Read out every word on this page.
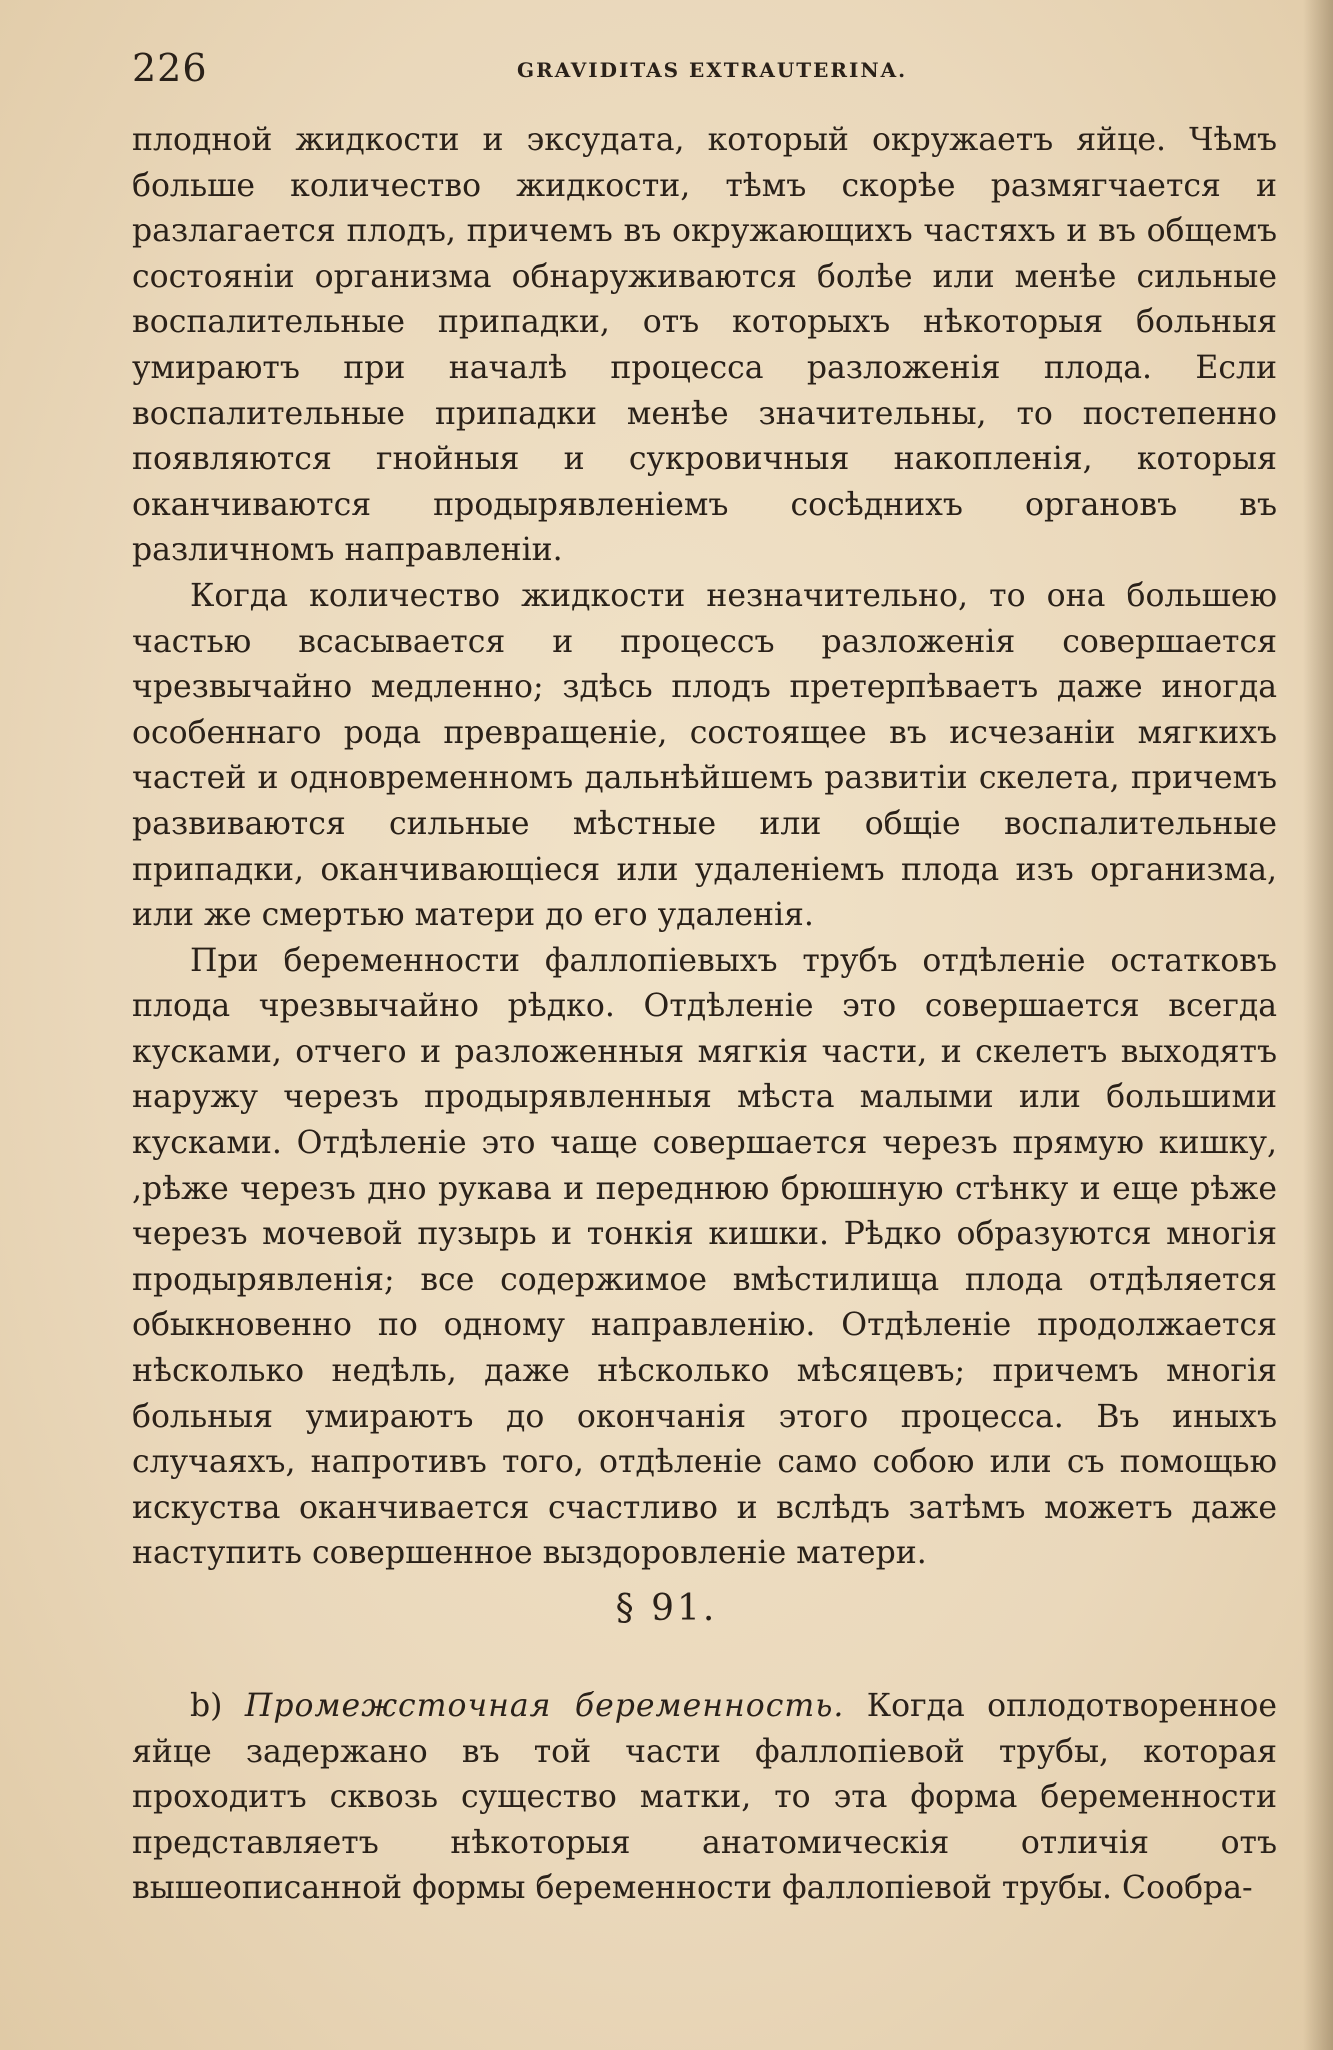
226	GRAVIDITAS EXTRAUTERINA.

плодной жидкости и эксудата, который окружаетъ яйце. Чѣмъ больше количество жидкости, тѣмъ скорѣе размягчается и разлагается плодъ, причемъ въ окружающихъ частяхъ и въ общемъ состоянiи организма обнаруживаются болѣе или менѣе сильные воспалительные припадки, отъ которыхъ нѣкоторыя больныя умираютъ при началѣ процесса разложенiя плода. Если воспалительные припадки менѣе значительны, то постепенно появляются гнойныя и сукровичныя накопленiя, которыя оканчиваются продырявленiемъ сосѣднихъ органовъ въ различномъ направленiи.

Когда количество жидкости незначительно, то она большею частью всасывается и процессъ разложенiя совершается чрезвычайно медленно; здѣсь плодъ претерпѣваетъ даже иногда особеннаго рода превращенiе, состоящее въ исчезанiи мягкихъ частей и одновременномъ дальнѣйшемъ развитiи скелета, причемъ развиваются сильные мѣстные или общiе воспалительные припадки, оканчивающiеся или удаленiемъ плода изъ организма, или же смертью матери до его удаленiя.

При беременности фаллопiевыхъ трубъ отдѣленiе остатковъ плода чрезвычайно рѣдко. Отдѣленiе это совершается всегда кусками, отчего и разложенныя мягкiя части, и скелетъ выходятъ наружу черезъ продырявленныя мѣста малыми или большими кусками. Отдѣленiе это чаще совершается черезъ прямую кишку, ,рѣже черезъ дно рукава и переднюю брюшную стѣнку и еще рѣже черезъ мочевой пузырь и тонкiя кишки. Рѣдко образуются многiя продырявленiя; все содержимое вмѣстилища плода отдѣляется обыкновенно по одному направленiю. Отдѣленiе продолжается нѣсколько недѣль, даже нѣсколько мѣсяцевъ; причемъ многiя больныя умираютъ до окончанiя этого процесса. Въ иныхъ случаяхъ, напротивъ того, отдѣленiе само собою или съ помощью искуства оканчивается счастливо и вслѣдъ затѣмъ можетъ даже наступить совершенное выздоровленiе матери.

§ 91.

b) Промежсточная беременность. Когда оплодотворенное яйце задержано въ той части фаллопiевой трубы, которая проходитъ сквозь существо матки, то эта форма беременности представляетъ нѣкоторыя анатомическiя отличiя отъ вышеописанной формы беременности фаллопiевой трубы. Сообра-
